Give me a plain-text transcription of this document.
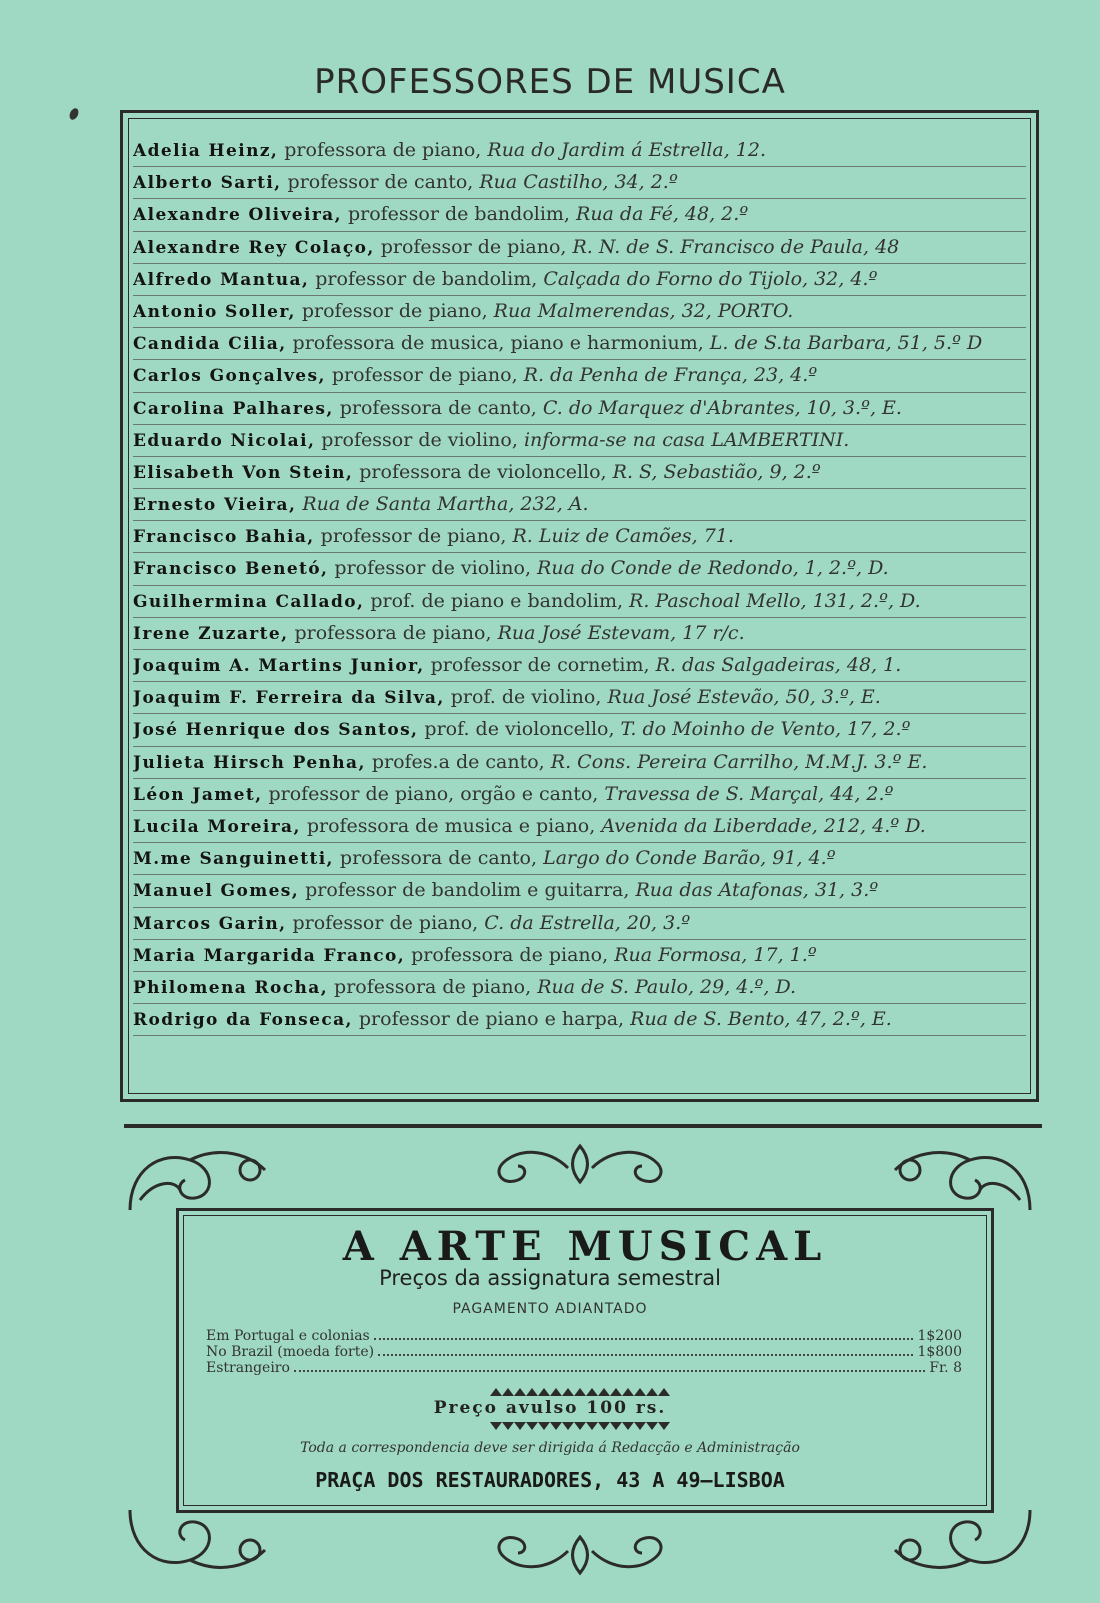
PROFESSORES DE MUSICA
Adelia Heinz, professora de piano, Rua do Jardim á Estrella, 12.
Alberto Sarti, professor de canto, Rua Castilho, 34, 2.º
Alexandre Oliveira, professor de bandolim, Rua da Fé, 48, 2.º
Alexandre Rey Colaço, professor de piano, R. N. de S. Francisco de Paula, 48
Alfredo Mantua, professor de bandolim, Calçada do Forno do Tijolo, 32, 4.º
Antonio Soller, professor de piano, Rua Malmerendas, 32, PORTO.
Candida Cilia, professora de musica, piano e harmonium, L. de S.ta Barbara, 51, 5.º D
Carlos Gonçalves, professor de piano, R. da Penha de França, 23, 4.º
Carolina Palhares, professora de canto, C. do Marquez d'Abrantes, 10, 3.º, E.
Eduardo Nicolai, professor de violino, informa-se na casa LAMBERTINI.
Elisabeth Von Stein, professora de violoncello, R. S, Sebastião, 9, 2.º
Ernesto Vieira, Rua de Santa Martha, 232, A.
Francisco Bahia, professor de piano, R. Luiz de Camões, 71.
Francisco Benetó, professor de violino, Rua do Conde de Redondo, 1, 2.º, D.
Guilhermina Callado, prof. de piano e bandolim, R. Paschoal Mello, 131, 2.º, D.
Irene Zuzarte, professora de piano, Rua José Estevam, 17 r/c.
Joaquim A. Martins Junior, professor de cornetim, R. das Salgadeiras, 48, 1.
Joaquim F. Ferreira da Silva, prof. de violino, Rua José Estevão, 50, 3.º, E.
José Henrique dos Santos, prof. de violoncello, T. do Moinho de Vento, 17, 2.º
Julieta Hirsch Penha, profes.a de canto, R. Cons. Pereira Carrilho, M.M.J. 3.º E.
Léon Jamet, professor de piano, orgão e canto, Travessa de S. Marçal, 44, 2.º
Lucila Moreira, professora de musica e piano, Avenida da Liberdade, 212, 4.º D.
M.me Sanguinetti, professora de canto, Largo do Conde Barão, 91, 4.º
Manuel Gomes, professor de bandolim e guitarra, Rua das Atafonas, 31, 3.º
Marcos Garin, professor de piano, C. da Estrella, 20, 3.º
Maria Margarida Franco, professora de piano, Rua Formosa, 17, 1.º
Philomena Rocha, professora de piano, Rua de S. Paulo, 29, 4.º, D.
Rodrigo da Fonseca, professor de piano e harpa, Rua de S. Bento, 47, 2.º, E.
A ARTE MUSICAL
Preços da assignatura semestral
PAGAMENTO ADIANTADO
Em Portugal e colonias	1$200
No Brazil (moeda forte)	1$800
Estrangeiro	Fr. 8
Preço avulso 100 rs.
Toda a correspondencia deve ser dirigida á Redacção e Administração
PRAÇA DOS RESTAURADORES, 43 A 49—LISBOA
